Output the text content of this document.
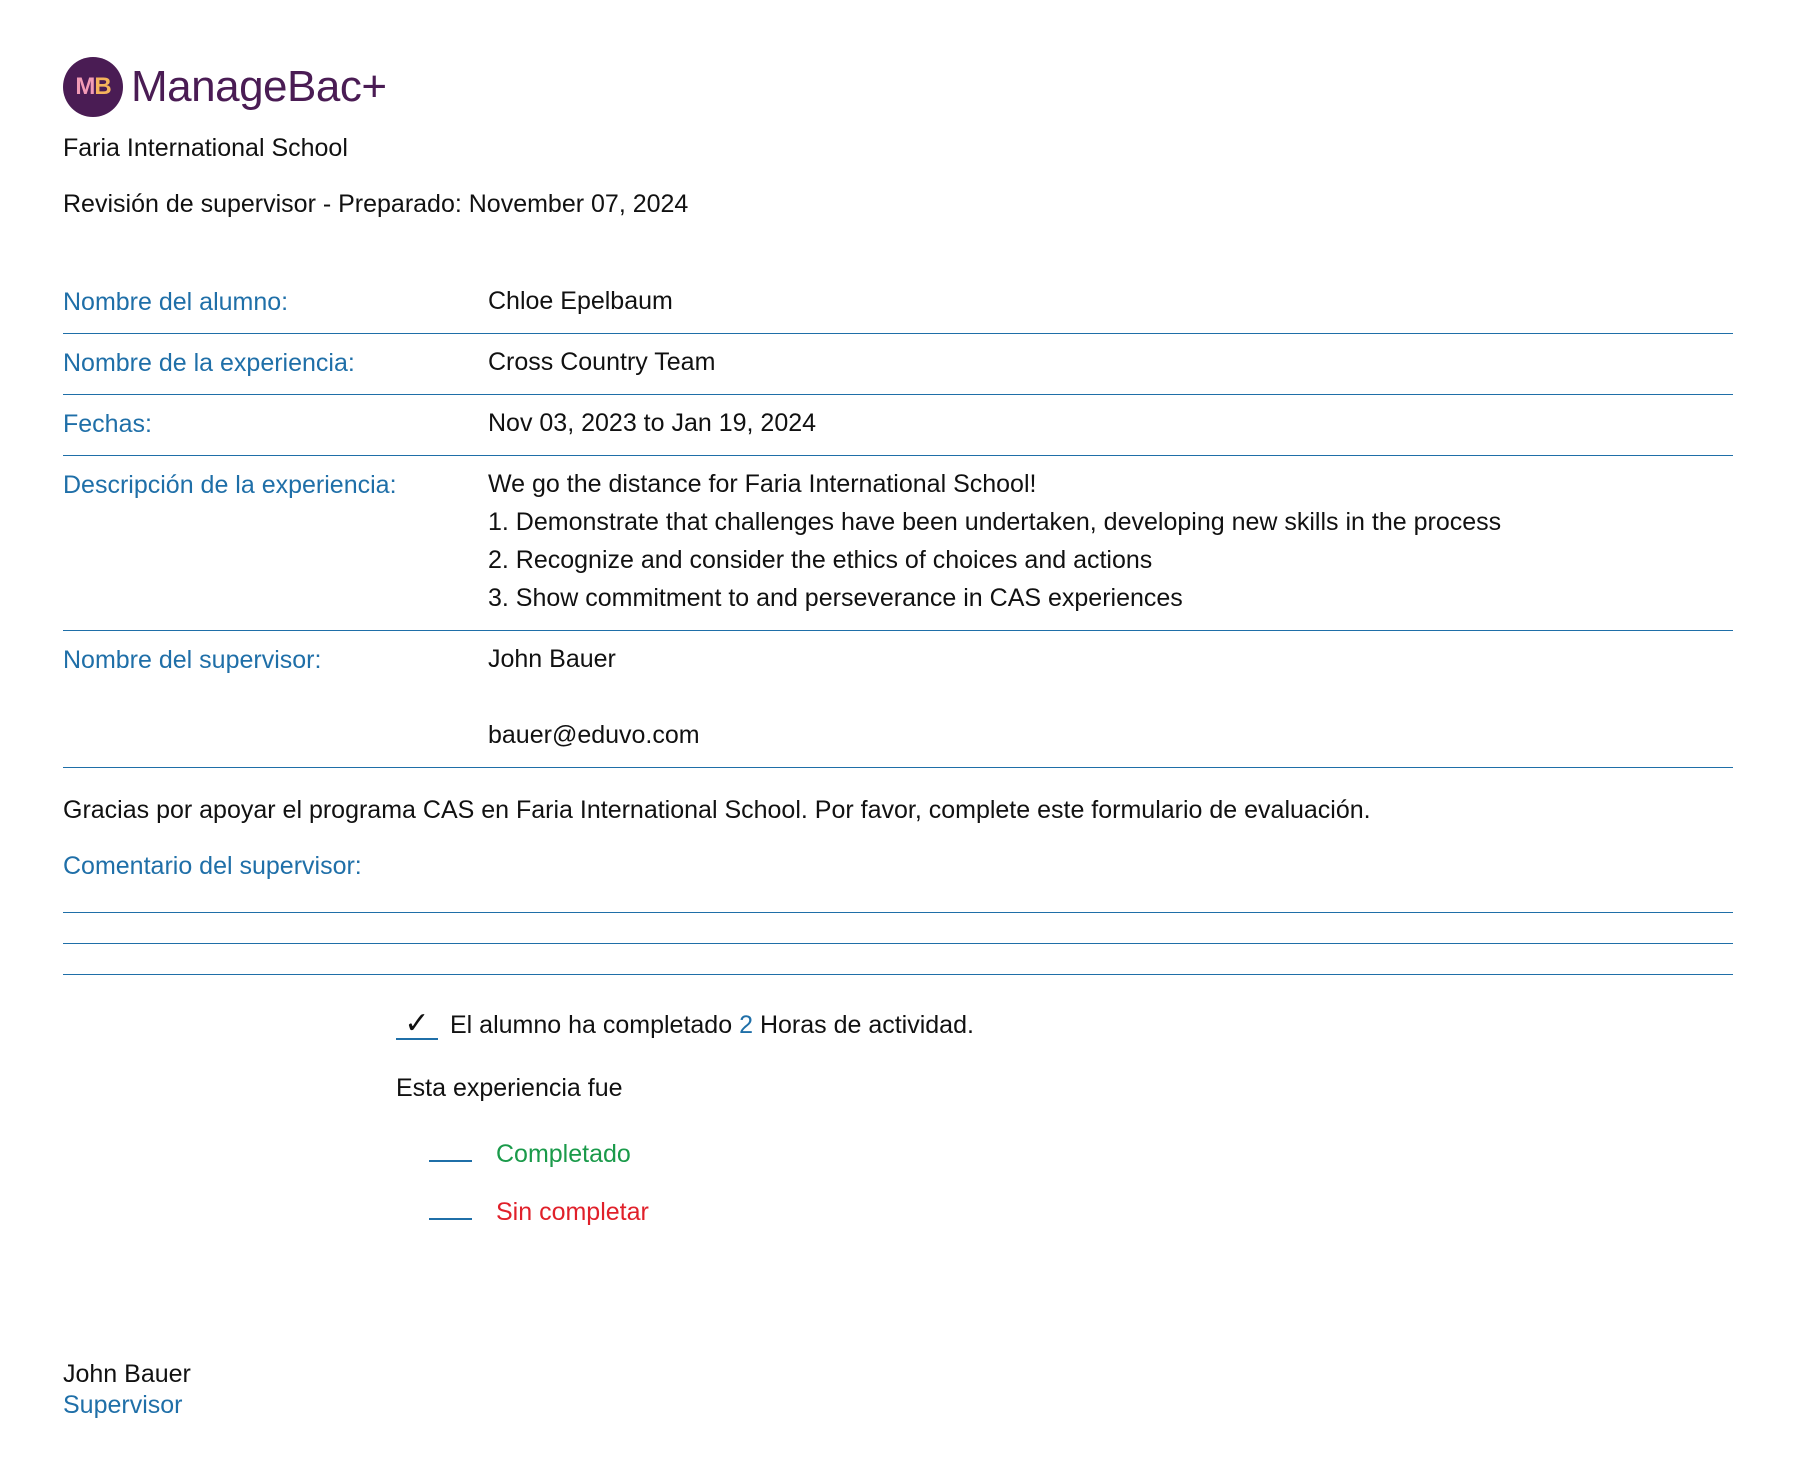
M B ManageBac+
Faria International School
Revisión de supervisor - Preparado: November 07, 2024
Nombre del alumno:	Chloe Epelbaum
Nombre de la experiencia:	Cross Country Team
Fechas:	Nov 03, 2023 to Jan 19, 2024
Descripción de la experiencia:	We go the distance for Faria International School!
1. Demonstrate that challenges have been undertaken, developing new skills in the process
2. Recognize and consider the ethics of choices and actions
3. Show commitment to and perseverance in CAS experiences
Nombre del supervisor:	John Bauer
bauer@eduvo.com
Gracias por apoyar el programa CAS en Faria International School. Por favor, complete este formulario de evaluación.
Comentario del supervisor:
✓ El alumno ha completado
2
Horas de actividad.
Esta experiencia fue
Completado
Sin completar
John Bauer
Supervisor
